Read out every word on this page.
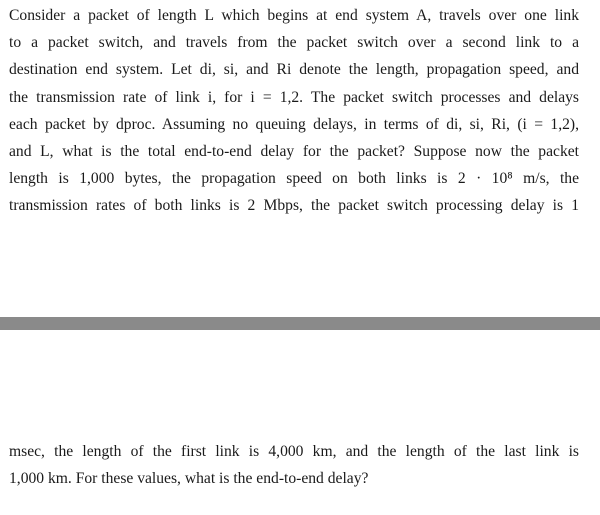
Consider a packet of length L which begins at end system A, travels over one link
to a packet switch, and travels from the packet switch over a second link to a
destination end system. Let di, si, and Ri denote the length, propagation speed, and
the transmission rate of link i, for i = 1,2. The packet switch processes and delays
each packet by dproc. Assuming no queuing delays, in terms of di, si, Ri, (i = 1,2),
and L, what is the total end-to-end delay for the packet? Suppose now the packet
length is 1,000 bytes, the propagation speed on both links is 2 · 10⁸ m/s, the
transmission rates of both links is 2 Mbps, the packet switch processing delay is 1
msec, the length of the first link is 4,000 km, and the length of the last link is
1,000 km. For these values, what is the end-to-end delay?
